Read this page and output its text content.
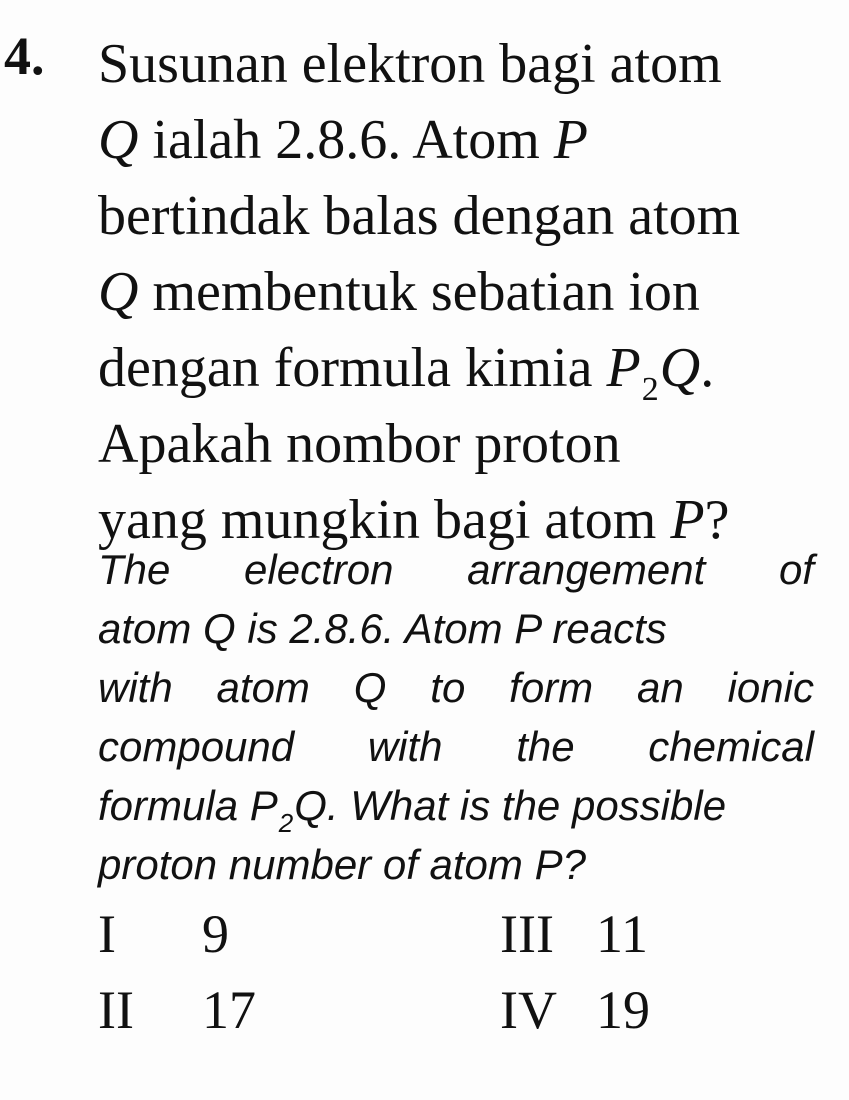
4. Susunan elektron bagi atom
Q ialah 2.8.6. Atom P
bertindak balas dengan atom
Q membentuk sebatian ion
dengan formula kimia $P_2Q$.
Apakah nombor proton
yang mungkin bagi atom P?
The electron arrangement of
atom Q is 2.8.6. Atom P reacts
with atom Q to form an ionic
compound with the chemical
formula $P_2Q$. What is the possible
proton number of atom P?
I 9
II 17
III 11
IV 19
